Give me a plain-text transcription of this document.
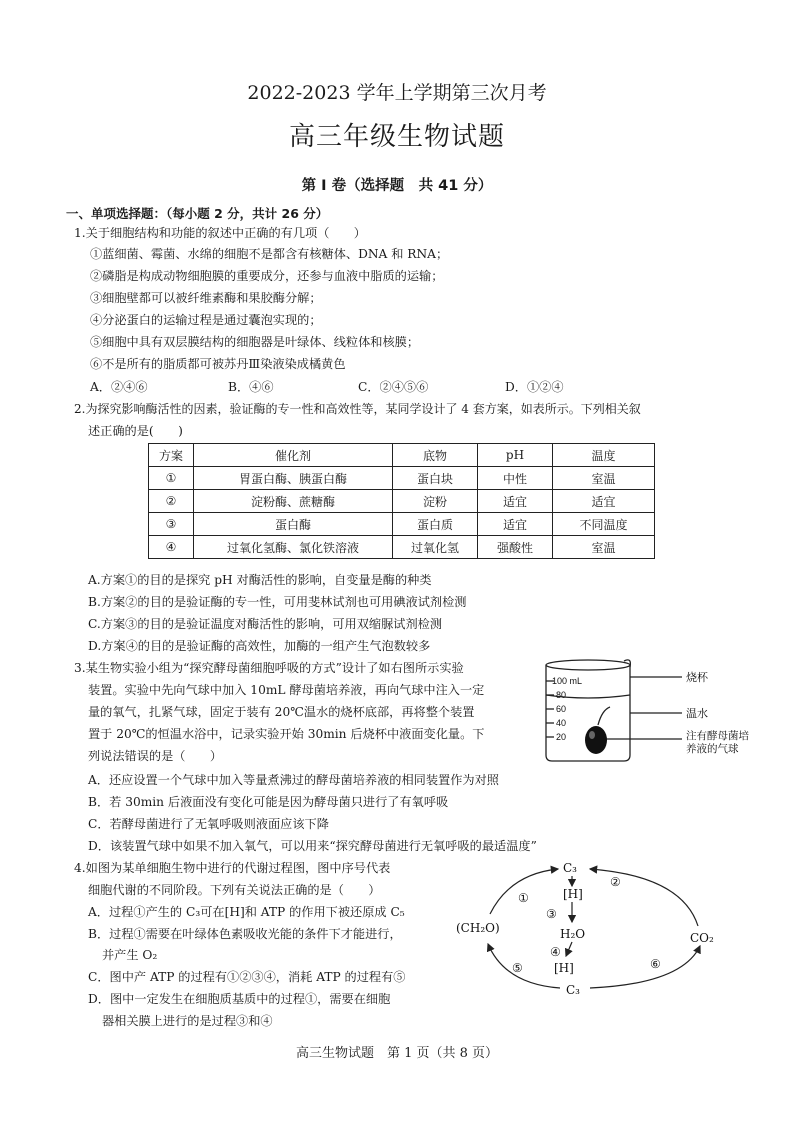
2022-2023 学年上学期第三次月考
高三年级生物试题
第 I 卷（选择题　共 41 分）
一、单项选择题：（每小题 2 分，共计 26 分）
1.关于细胞结构和功能的叙述中正确的有几项（　　）
①蓝细菌、霉菌、水绵的细胞不是都含有核糖体、DNA 和 RNA；
②磷脂是构成动物细胞膜的重要成分，还参与血液中脂质的运输；
③细胞壁都可以被纤维素酶和果胶酶分解；
④分泌蛋白的运输过程是通过囊泡实现的；
⑤细胞中具有双层膜结构的细胞器是叶绿体、线粒体和核膜；
⑥不是所有的脂质都可被苏丹Ⅲ染液染成橘黄色
A．②④⑥	B．④⑥	C．②④⑤⑥	D．①②④
2.为探究影响酶活性的因素，验证酶的专一性和高效性等，某同学设计了 4 套方案，如表所示。下列相关叙
述正确的是(　　)
方案	催化剂	底物	pH	温度
①	胃蛋白酶、胰蛋白酶	蛋白块	中性	室温
②	淀粉酶、蔗糖酶	淀粉	适宜	适宜
③	蛋白酶	蛋白质	适宜	不同温度
④	过氧化氢酶、氯化铁溶液	过氧化氢	强酸性	室温
A.方案①的目的是探究 pH 对酶活性的影响，自变量是酶的种类
B.方案②的目的是验证酶的专一性，可用斐林试剂也可用碘液试剂检测
C.方案③的目的是验证温度对酶活性的影响，可用双缩脲试剂检测
D.方案④的目的是验证酶的高效性，加酶的一组产生气泡数较多
3.某生物实验小组为“探究酵母菌细胞呼吸的方式”设计了如右图所示实验
装置。实验中先向气球中加入 10mL 酵母菌培养液，再向气球中注入一定
量的氧气，扎紧气球，固定于装有 20℃温水的烧杯底部，再将整个装置
置于 20℃的恒温水浴中，记录实验开始 30min 后烧杯中液面变化量。下
列说法错误的是（　　）
A．还应设置一个气球中加入等量煮沸过的酵母菌培养液的相同装置作为对照
B．若 30min 后液面没有变化可能是因为酵母菌只进行了有氧呼吸
C．若酵母菌进行了无氧呼吸则液面应该下降
D．该装置气球中如果不加入氧气，可以用来“探究酵母菌进行无氧呼吸的最适温度”
100 mL
80
60
40
20
烧杯
温水
注有酵母菌培
养液的气球
4.如图为某单细胞生物中进行的代谢过程图，图中序号代表
细胞代谢的不同阶段。下列有关说法正确的是（　　）
A．过程①产生的 C₃可在[H]和 ATP 的作用下被还原成 C₅
B．过程①需要在叶绿体色素吸收光能的条件下才能进行，
并产生 O₂
C．图中产 ATP 的过程有①②③④，消耗 ATP 的过程有⑤
D．图中一定发生在细胞质基质中的过程①，需要在细胞
器相关膜上进行的是过程③和④
C₃
[H]
H₂O
[H]
C₃
(CH₂O)
CO₂
①
②
③
④
⑤	⑥
高三生物试题　第 1 页（共 8 页）
